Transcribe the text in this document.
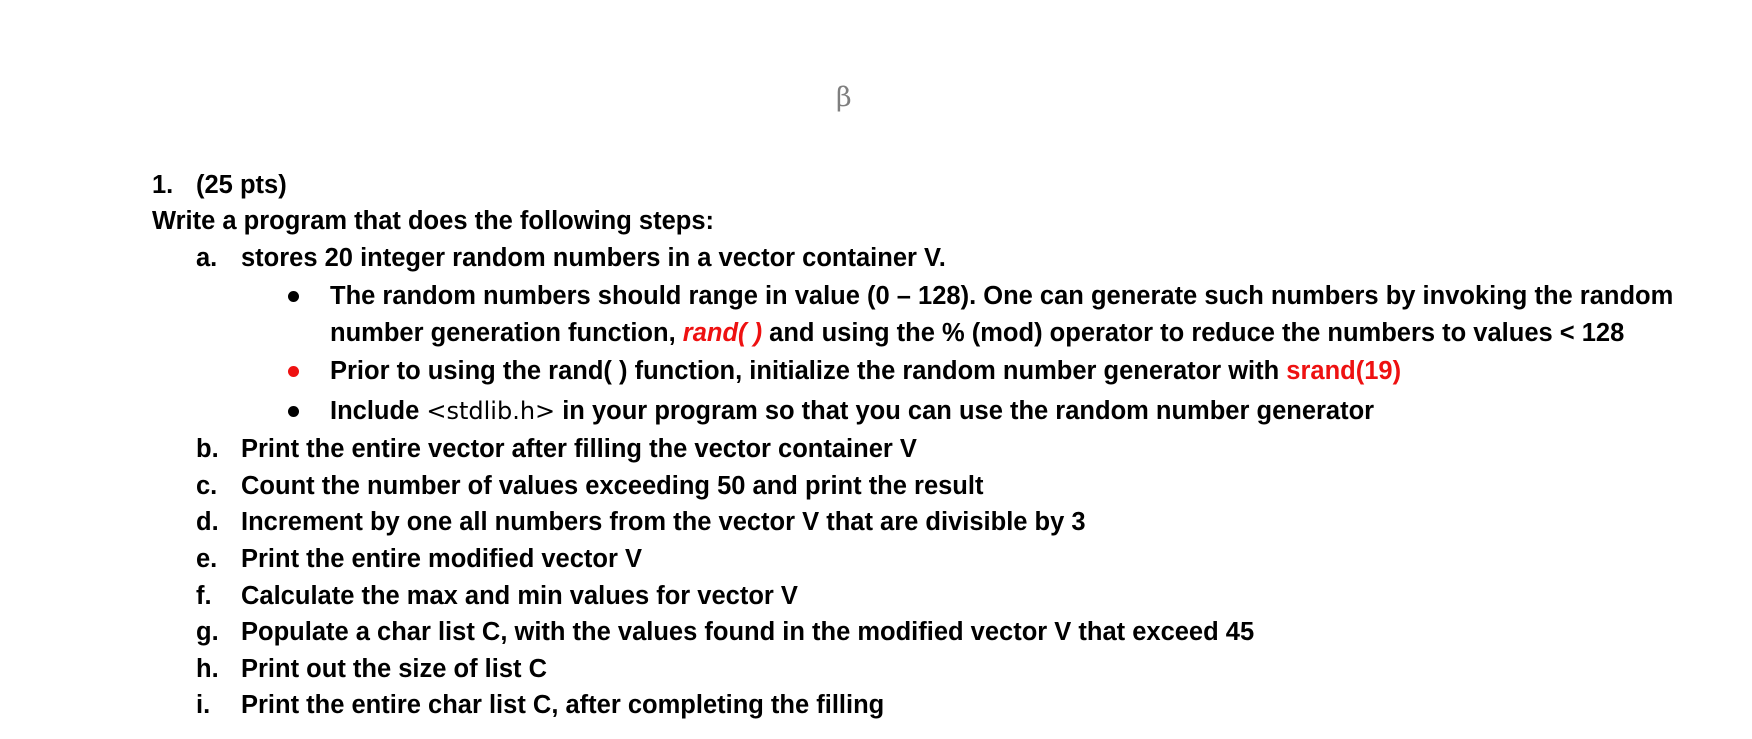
β
1. (25 pts)
Write a program that does the following steps:
a. stores 20 integer random numbers in a vector container V.
The random numbers should range in value (0 – 128). One can generate such numbers by invoking the random
number generation function, rand( ) and using the % (mod) operator to reduce the numbers to values < 128
Prior to using the rand( ) function, initialize the random number generator with srand(19)
Include <stdlib.h> in your program so that you can use the random number generator
b. Print the entire vector after filling the vector container V
c. Count the number of values exceeding 50 and print the result
d. Increment by one all numbers from the vector V that are divisible by 3
e. Print the entire modified vector V
f. Calculate the max and min values for vector V
g. Populate a char list C, with the values found in the modified vector V that exceed 45
h. Print out the size of list C
i. Print the entire char list C, after completing the filling
